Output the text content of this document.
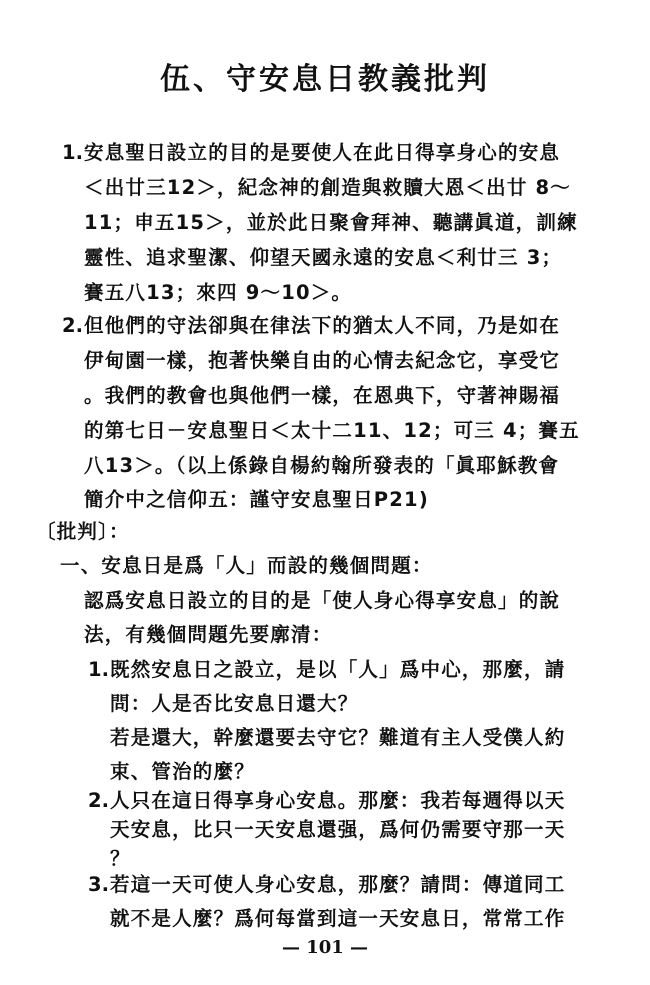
伍、守安息日教義批判
1. 安息聖日設立的目的是要使人在此日得享身心的安息
＜出廿三12＞，紀念神的創造與救贖大恩＜出廿 8～
11；申五15＞，並於此日聚會拜神、聽講眞道，訓練
靈性、追求聖潔、仰望天國永遠的安息＜利廿三 3；
賽五八13；來四 9～10＞。
2. 但他們的守法卻與在律法下的猶太人不同，乃是如在
伊甸園一樣，抱著快樂自由的心情去紀念它，享受它
。我們的教會也與他們一樣，在恩典下，守著神賜福
的第七日－安息聖日＜太十二11、12；可三 4；賽五
八13＞。（以上係錄自楊約翰所發表的「眞耶穌教會
簡介中之信仰五：謹守安息聖日P21)
〔批判〕：
一、安息日是爲「人」而設的幾個問題：
認爲安息日設立的目的是「使人身心得享安息」的說
法，有幾個問題先要廓清：
1. 既然安息日之設立，是以「人」爲中心，那麼，請
問：人是否比安息日還大？
若是還大，幹麼還要去守它？難道有主人受僕人約
束、管治的麼？
2. 人只在這日得享身心安息。那麼：我若每週得以天
天安息，比只一天安息還强，爲何仍需要守那一天
？
— 101 —
3. 若這一天可使人身心安息，那麼？請問：傳道同工
就不是人麼？爲何每當到這一天安息日，常常工作
